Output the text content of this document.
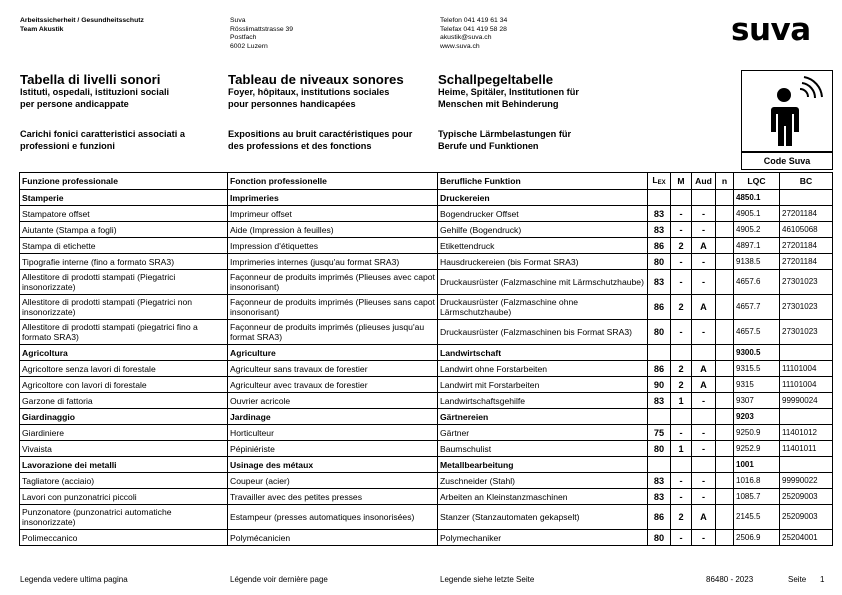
Arbeitssicherheit / Gesundheitsschutz
Team Akustik
Suva
Rösslimattstrasse 39
Postfach
6002 Luzern
Telefon 041 419 61 34
Telefax 041 419 58 28
akustik@suva.ch
www.suva.ch	suva
Tabella di livelli sonori
Istituti, ospedali, istituzioni sociali
per persone andicappate
Tableau de niveaux sonores
Foyer, hôpitaux, institutions sociales
pour personnes handicapées
Schallpegeltabelle
Heime, Spitäler, Institutionen für
Menschen mit Behinderung
Carichi fonici caratteristici associati a
professioni e funzioni
Expositions au bruit caractéristiques pour
des professions et des fonctions
Typische Lärmbelastungen für
Berufe und Funktionen
Code Suva
Funzione professionale	Fonction professionelle	Berufliche Funktion	$L_{EX}$	M	Aud	n	LQC	BC
Stamperie	Imprimeries	Druckereien					4850.1	
Stampatore offset	Imprimeur offset	Bogendrucker Offset	83	-	-		4905.1	27201184
Aiutante (Stampa a fogli)	Aide (Impression à feuilles)	Gehilfe (Bogendruck)	83	-	-		4905.2	46105068
Stampa di etichette	Impression d'étiquettes	Etikettendruck	86	2	A		4897.1	27201184
Tipografie interne (fino a formato SRA3)	Imprimeries internes (jusqu'au format SRA3)	Hausdruckereien (bis Format SRA3)	80	-	-		9138.5	27201184
Allestitore di prodotti stampati (Piegatrici insonorizzate)	Façonneur de produits imprimés (Plieuses avec capot insonorisant)	Druckausrüster (Falzmaschine mit Lärmschutzhaube)	83	-	-		4657.6	27301023
Allestitore di prodotti stampati (Piegatrici non insonorizzate)	Façonneur de produits imprimés (Plieuses sans capot insonorisant)	Druckausrüster (Falzmaschine ohne Lärmschutzhaube)	86	2	A		4657.7	27301023
Allestitore di prodotti stampati (piegatrici fino a formato SRA3)	Façonneur de produits imprimés (plieuses jusqu'au format SRA3)	Druckausrüster (Falzmaschinen bis Format SRA3)	80	-	-		4657.5	27301023
Agricoltura	Agriculture	Landwirtschaft					9300.5	
Agricoltore senza lavori di forestale	Agriculteur sans travaux de forestier	Landwirt ohne Forstarbeiten	86	2	A		9315.5	11101004
Agricoltore con lavori di forestale	Agriculteur avec travaux de forestier	Landwirt mit Forstarbeiten	90	2	A		9315	11101004
Garzone di fattoria	Ouvrier acricole	Landwirtschaftsgehilfe	83	1	-		9307	99990024
Giardinaggio	Jardinage	Gärtnereien					9203	
Giardiniere	Horticulteur	Gärtner	75	-	-		9250.9	11401012
Vivaista	Pépiniériste	Baumschulist	80	1	-		9252.9	11401011
Lavorazione dei metalli	Usinage des métaux	Metallbearbeitung					1001	
Tagliatore (acciaio)	Coupeur (acier)	Zuschneider (Stahl)	83	-	-		1016.8	99990022
Lavori con punzonatrici piccoli	Travailler avec des petites presses	Arbeiten an Kleinstanzmaschinen	83	-	-		1085.7	25209003
Punzonatore (punzonatrici automatiche insonorizzate)	Estampeur (presses automatiques insonorisées)	Stanzer (Stanzautomaten gekapselt)	86	2	A		2145.5	25209003
Polimeccanico	Polymécanicien	Polymechaniker	80	-	-		2506.9	25204001
Legenda vedere ultima pagina	Légende voir dernière page	Legende siehe letzte Seite	86480 - 2023	Seite 1
